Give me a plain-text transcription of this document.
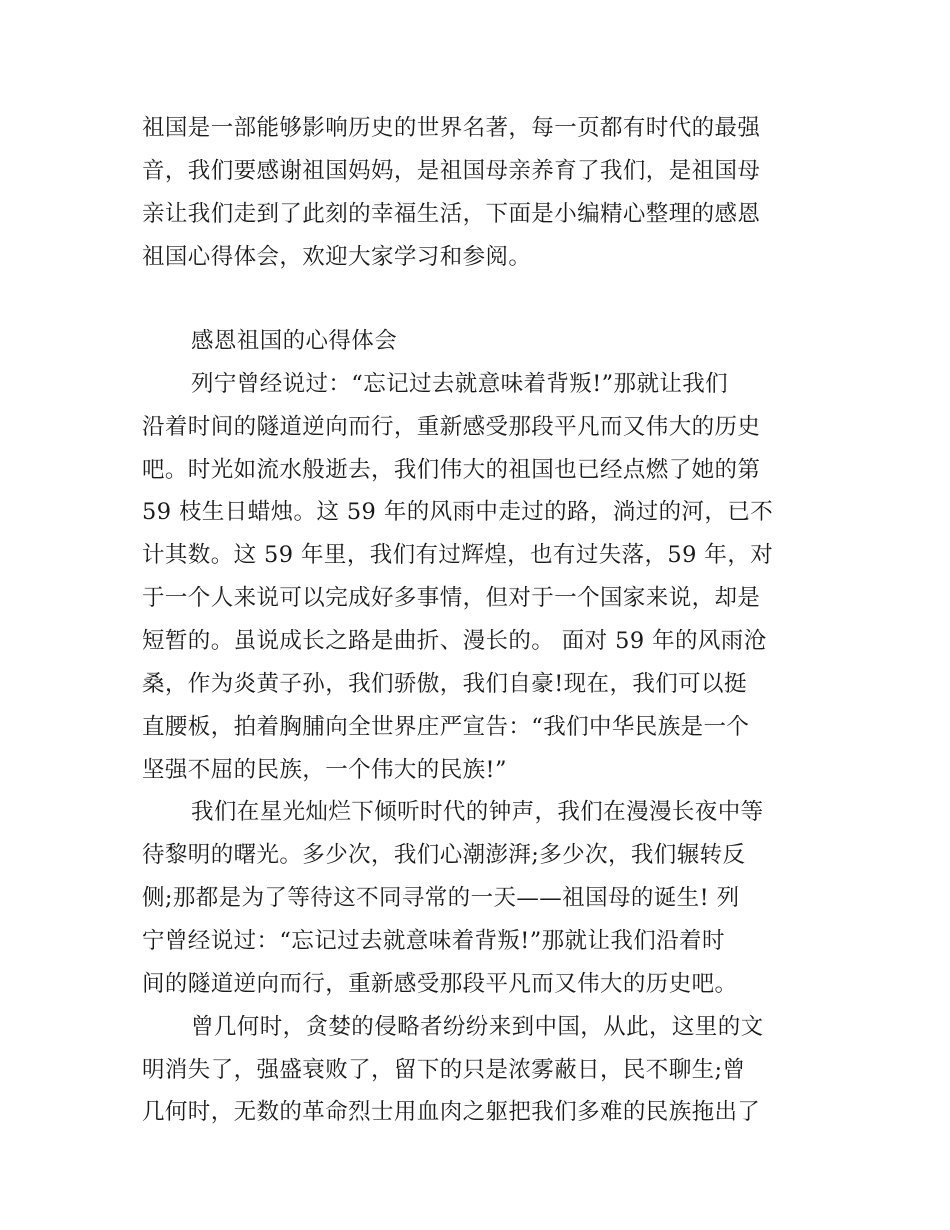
祖国是一部能够影响历史的世界名著，每一页都有时代的最强
音，我们要感谢祖国妈妈，是祖国母亲养育了我们，是祖国母
亲让我们走到了此刻的幸福生活，下面是小编精心整理的感恩
祖国心得体会，欢迎大家学习和参阅。
感恩祖国的心得体会
列宁曾经说过：“忘记过去就意味着背叛!”那就让我们
沿着时间的隧道逆向而行，重新感受那段平凡而又伟大的历史
吧。时光如流水般逝去，我们伟大的祖国也已经点燃了她的第
59 枝生日蜡烛。这 59 年的风雨中走过的路，淌过的河，已不
计其数。这 59 年里，我们有过辉煌，也有过失落，59 年，对
于一个人来说可以完成好多事情，但对于一个国家来说，却是
短暂的。虽说成长之路是曲折、漫长的。 面对 59 年的风雨沧
桑，作为炎黄子孙，我们骄傲，我们自豪!现在，我们可以挺
直腰板，拍着胸脯向全世界庄严宣告：“我们中华民族是一个
坚强不屈的民族，一个伟大的民族!”
我们在星光灿烂下倾听时代的钟声，我们在漫漫长夜中等
待黎明的曙光。多少次，我们心潮澎湃;多少次，我们辗转反
侧;那都是为了等待这不同寻常的一天——祖国母的诞生! 列
宁曾经说过：“忘记过去就意味着背叛!”那就让我们沿着时
间的隧道逆向而行，重新感受那段平凡而又伟大的历史吧。
曾几何时，贪婪的侵略者纷纷来到中国，从此，这里的文
明消失了，强盛衰败了，留下的只是浓雾蔽日，民不聊生;曾
几何时，无数的革命烈士用血肉之躯把我们多难的民族拖出了
